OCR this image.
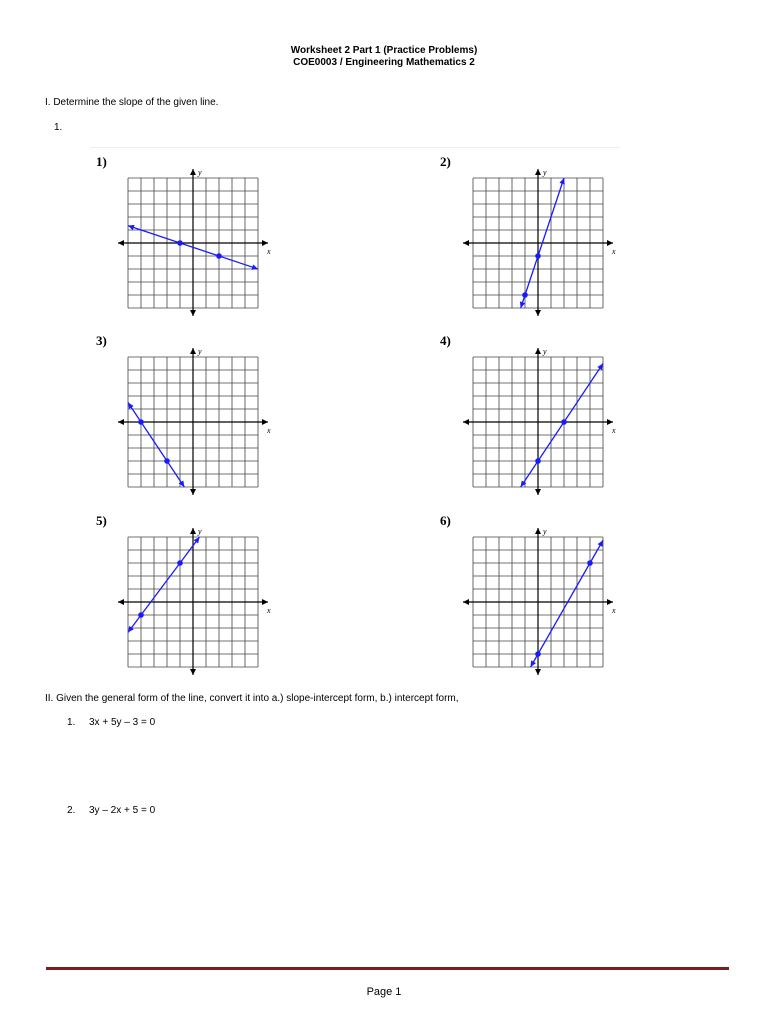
Worksheet 2 Part 1 (Practice Problems)
COE0003 / Engineering Mathematics 2
I. Determine the slope of the given line.
1.
1)	2)
3)	4)
5)	6)
x
y
x
y
x
y
x
y
x
y
x
y
II. Given the general form of the line, convert it into a.) slope-intercept form, b.) intercept form,
1. 3x + 5y – 3 = 0
2. 3y – 2x + 5 = 0
Page 1
